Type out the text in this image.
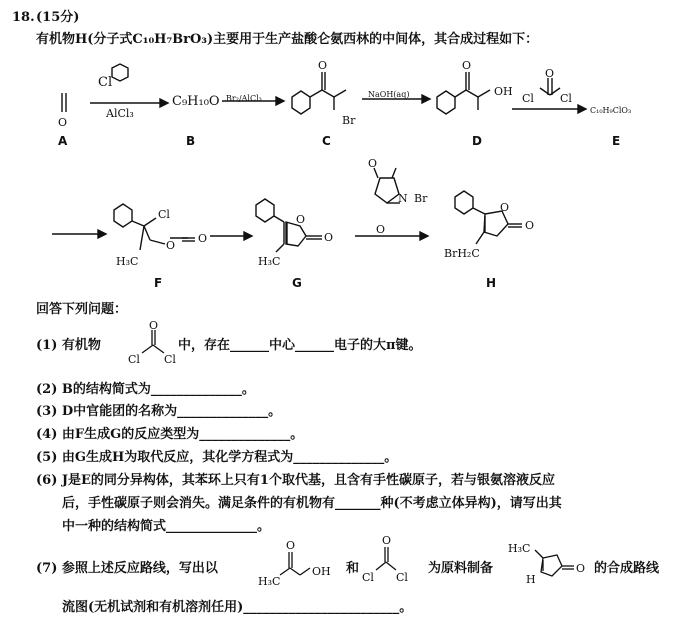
18. (15分)
有机物H(分子式C₁₀H₇BrO₃)主要用于生产盐酸仑氨西林的中间体，其合成过程如下：
O
Cl
AlCl₃
C₉H₁₀O Br₂/AlCl₃
O
Br
NaOH(aq)
O
OH
O
Cl Cl
C₁₀H₉ClO₃
Cl
O
O
H₃C
O
O
H₃C
O
N Br
O
O
O
BrH₂C
A	B	C	D	E
F	G	H
回答下列问题：
(1) 有机物
O
Cl Cl
中，存在______中心______电子的大π键。
(2) B的结构简式为______________。
(3) D中官能团的名称为______________。
(4) 由F生成G的反应类型为______________。
(5) 由G生成H为取代反应，其化学方程式为______________。
(6) J是E的同分异构体，其苯环上只有1个取代基，且含有手性碳原子，若与银氨溶液反应
后，手性碳原子则会消失。满足条件的有机物有_______种(不考虑立体异构)，请写出其
中一种的结构简式______________。
(7) 参照上述反应路线，写出以
O
H₃C
OH 和
O
Cl Cl
为原料制备
H₃C
H
O 的合成路线
流图(无机试剂和有机溶剂任用)________________________。
